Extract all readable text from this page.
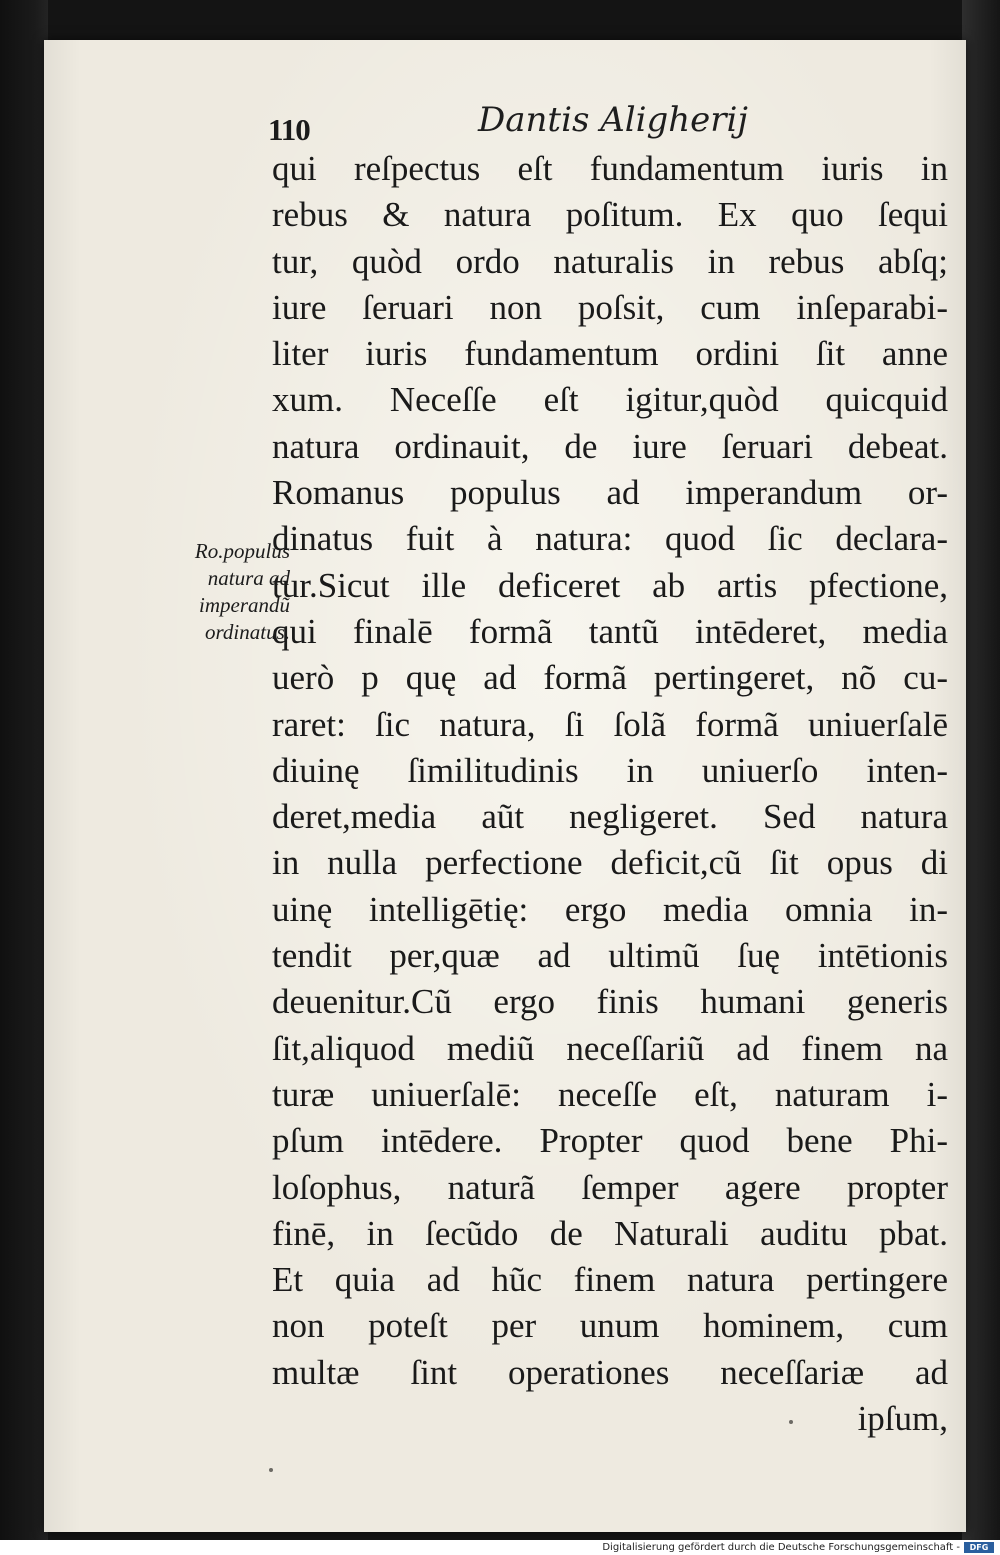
110	Dantis Aligherij
Ro.populus
natura ad
imperandũ
ordinatus.
qui reſpectus eſt fundamentum iuris in
rebus & natura poſitum. Ex quo ſequi
tur, quòd ordo naturalis in rebus abſq;
iure ſeruari non poſsit, cum inſeparabi-
liter iuris fundamentum ordini ſit anne
xum. Neceſſe eſt igitur,quòd quicquid
natura ordinauit, de iure ſeruari debeat.
Romanus populus ad imperandum or-
dinatus fuit à natura: quod ſic declara-
tur.Sicut ille deficeret ab artis pfectione,
qui finalē formã tantũ intēderet, media
uerò p quę ad formã pertingeret, nõ cu-
raret: ſic natura, ſi ſolã formã uniuerſalē
diuinę ſimilitudinis in uniuerſo inten-
deret,media aũt negligeret. Sed natura
in nulla perfectione deficit,cũ ſit opus di
uinę intelligētię: ergo media omnia in-
tendit per,quæ ad ultimũ ſuę intētionis
deuenitur.Cũ ergo finis humani generis
ſit,aliquod mediũ neceſſariũ ad finem na
turæ uniuerſalē: neceſſe eſt, naturam i-
pſum intēdere. Propter quod bene Phi-
loſophus, naturã ſemper agere propter
finē, in ſecũdo de Naturali auditu pbat.
Et quia ad hũc finem natura pertingere
non poteſt per unum hominem, cum
multæ ſint operationes neceſſariæ ad
ipſum,
Digitalisierung gefördert durch die Deutsche Forschungsgemeinschaft -	DFG
